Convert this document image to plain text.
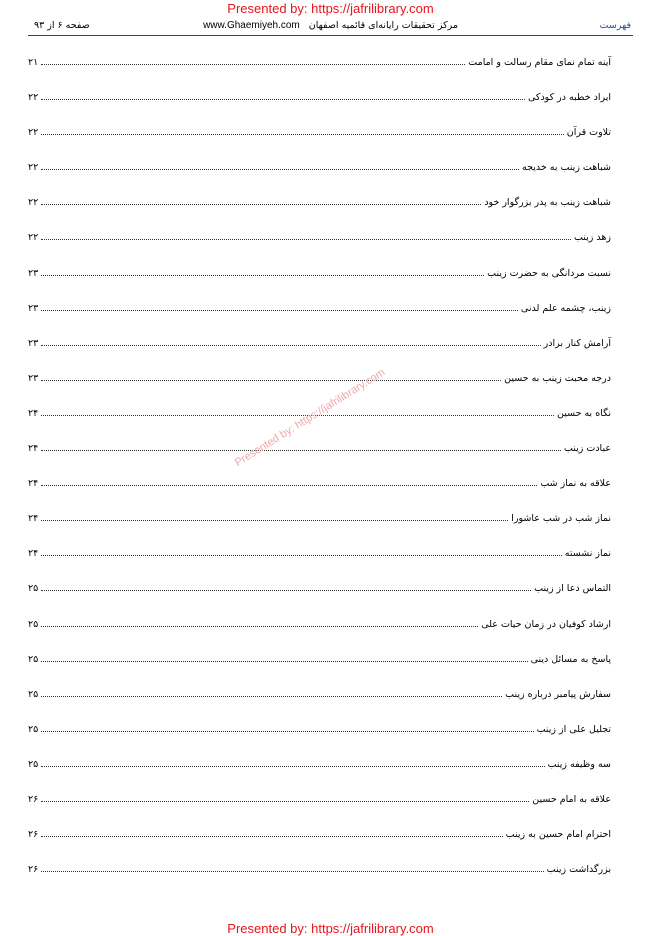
Presented by: https://jafrilibrary.com
صفحه ۶ از ۹۳	www.Ghaemiyeh.com مرکز تحقیقات رایانه‌ای قائمیه اصفهان	فهرست
آینه تمام نمای مقام رسالت و امامت
۲۱
ایراد خطبه در کودکی
۲۲
تلاوت قرآن
۲۲
شباهت زینب به خدیجه
۲۲
شباهت زینب به پدر بزرگوار خود
۲۲
زهد زینب
۲۲
نسبت مردانگی به حضرت زینب
۲۳
زینب، چشمه علم لدنی
۲۳
آرامش کنار برادر
۲۳
درجه محبت زینب به حسین
۲۳
نگاه به حسین
۲۴
عبادت زینب
۲۴
علاقه به نماز شب
۲۴
نماز شب در شب عاشورا
۲۴
نماز نشسته
۲۴
التماس دعا از زینب
۲۵
ارشاد کوفیان در زمان حیات علی
۲۵
پاسخ به مسائل دینی
۲۵
سفارش پیامبر درباره زینب
۲۵
تجلیل علی از زینب
۲۵
سه وظیفه زینب
۲۵
علاقه به امام حسین
۲۶
احترام امام حسین به زینب
۲۶
بزرگداشت زینب
۲۶
Presented by: https://jafrilibrary.com
Presented by: https://jafrilibrary.com
